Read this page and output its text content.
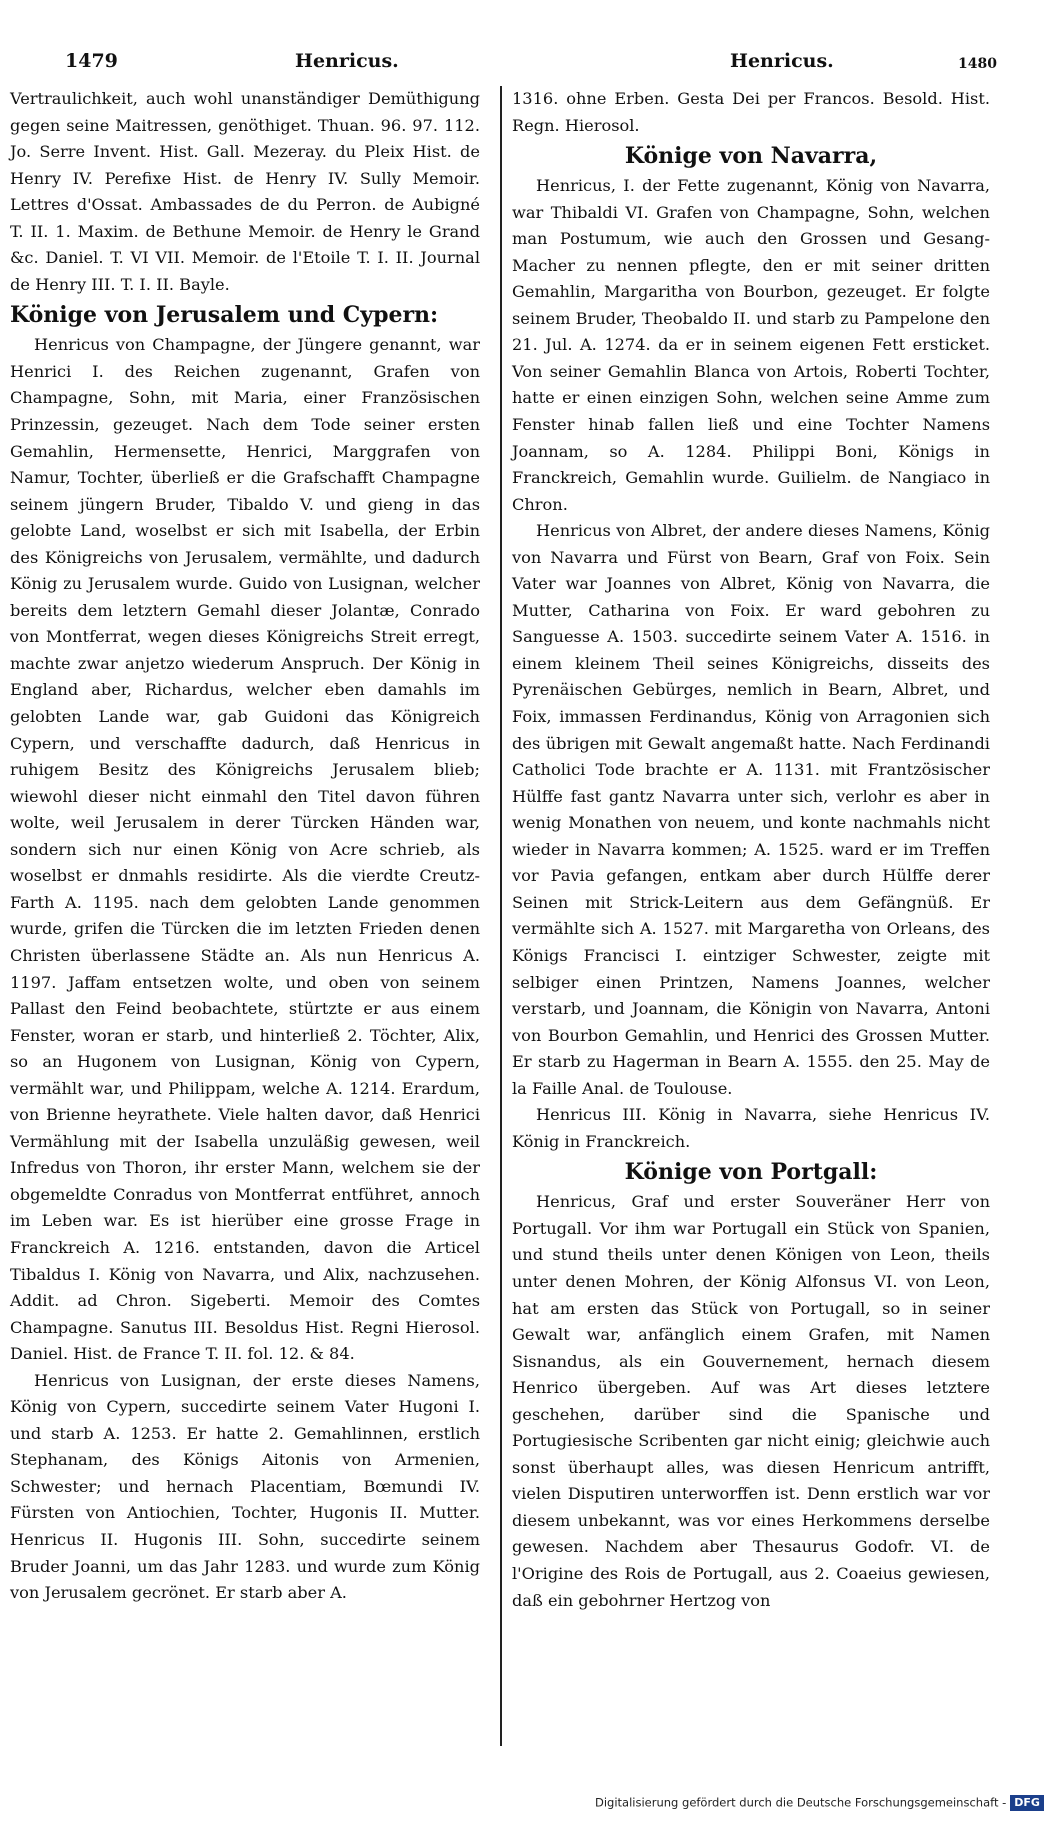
1479	Henricus.	Henricus.	1480

Vertraulichkeit, auch wohl unanständiger Demüthigung gegen seine Maitressen, genöthiget. Thuan. 96. 97. 112. Jo. Serre Invent. Hist. Gall. Mezeray. du Pleix Hist. de Henry IV. Perefixe Hist. de Henry IV. Sully Memoir. Lettres d'Ossat. Ambassades de du Perron. de Aubigné T. II. 1. Maxim. de Bethune Memoir. de Henry le Grand &c. Daniel. T. VI VII. Memoir. de l'Etoile T. I. II. Journal de Henry III. T. I. II. Bayle.

Könige von Jerusalem und Cypern:

Henricus von Champagne, der Jüngere genannt, war Henrici I. des Reichen zugenannt, Grafen von Champagne, Sohn, mit Maria, einer Französischen Prinzessin, gezeuget. Nach dem Tode seiner ersten Gemahlin, Hermensette, Henrici, Marggrafen von Namur, Tochter, überließ er die Grafschafft Champagne seinem jüngern Bruder, Tibaldo V. und gieng in das gelobte Land, woselbst er sich mit Isabella, der Erbin des Königreichs von Jerusalem, vermählte, und dadurch König zu Jerusalem wurde. Guido von Lusignan, welcher bereits dem letztern Gemahl dieser Jolantæ, Conrado von Montferrat, wegen dieses Königreichs Streit erregt, machte zwar anjetzo wiederum Anspruch. Der König in England aber, Richardus, welcher eben damahls im gelobten Lande war, gab Guidoni das Königreich Cypern, und verschaffte dadurch, daß Henricus in ruhigem Besitz des Königreichs Jerusalem blieb; wiewohl dieser nicht einmahl den Titel davon führen wolte, weil Jerusalem in derer Türcken Händen war, sondern sich nur einen König von Acre schrieb, als woselbst er dnmahls residirte. Als die vierdte Creutz-Farth A. 1195. nach dem gelobten Lande genommen wurde, grifen die Türcken die im letzten Frieden denen Christen überlassene Städte an. Als nun Henricus A. 1197. Jaffam entsetzen wolte, und oben von seinem Pallast den Feind beobachtete, stürtzte er aus einem Fenster, woran er starb, und hinterließ 2. Töchter, Alix, so an Hugonem von Lusignan, König von Cypern, vermählt war, und Philippam, welche A. 1214. Erardum, von Brienne heyrathete. Viele halten davor, daß Henrici Vermählung mit der Isabella unzuläßig gewesen, weil Infredus von Thoron, ihr erster Mann, welchem sie der obgemeldte Conradus von Montferrat entführet, annoch im Leben war. Es ist hierüber eine grosse Frage in Franckreich A. 1216. entstanden, davon die Articel Tibaldus I. König von Navarra, und Alix, nachzusehen. Addit. ad Chron. Sigeberti. Memoir des Comtes Champagne. Sanutus III. Besoldus Hist. Regni Hierosol. Daniel. Hist. de France T. II. fol. 12. & 84.

Henricus von Lusignan, der erste dieses Namens, König von Cypern, succedirte seinem Vater Hugoni I. und starb A. 1253. Er hatte 2. Gemahlinnen, erstlich Stephanam, des Königs Aitonis von Armenien, Schwester; und hernach Placentiam, Bœmundi IV. Fürsten von Antiochien, Tochter, Hugonis II. Mutter. Henricus II. Hugonis III. Sohn, succedirte seinem Bruder Joanni, um das Jahr 1283. und wurde zum König von Jerusalem gecrönet. Er starb aber A.

1316. ohne Erben. Gesta Dei per Francos. Besold. Hist. Regn. Hierosol.

Könige von Navarra,

Henricus, I. der Fette zugenannt, König von Navarra, war Thibaldi VI. Grafen von Champagne, Sohn, welchen man Postumum, wie auch den Grossen und Gesang-Macher zu nennen pflegte, den er mit seiner dritten Gemahlin, Margaritha von Bourbon, gezeuget. Er folgte seinem Bruder, Theobaldo II. und starb zu Pampelone den 21. Jul. A. 1274. da er in seinem eigenen Fett ersticket. Von seiner Gemahlin Blanca von Artois, Roberti Tochter, hatte er einen einzigen Sohn, welchen seine Amme zum Fenster hinab fallen ließ und eine Tochter Namens Joannam, so A. 1284. Philippi Boni, Königs in Franckreich, Gemahlin wurde. Guilielm. de Nangiaco in Chron.

Henricus von Albret, der andere dieses Namens, König von Navarra und Fürst von Bearn, Graf von Foix. Sein Vater war Joannes von Albret, König von Navarra, die Mutter, Catharina von Foix. Er ward gebohren zu Sanguesse A. 1503. succedirte seinem Vater A. 1516. in einem kleinem Theil seines Königreichs, disseits des Pyrenäischen Gebürges, nemlich in Bearn, Albret, und Foix, immassen Ferdinandus, König von Arragonien sich des übrigen mit Gewalt angemaßt hatte. Nach Ferdinandi Catholici Tode brachte er A. 1131. mit Frantzösischer Hülffe fast gantz Navarra unter sich, verlohr es aber in wenig Monathen von neuem, und konte nachmahls nicht wieder in Navarra kommen; A. 1525. ward er im Treffen vor Pavia gefangen, entkam aber durch Hülffe derer Seinen mit Strick-Leitern aus dem Gefängnüß. Er vermählte sich A. 1527. mit Margaretha von Orleans, des Königs Francisci I. eintziger Schwester, zeigte mit selbiger einen Printzen, Namens Joannes, welcher verstarb, und Joannam, die Königin von Navarra, Antoni von Bourbon Gemahlin, und Henrici des Grossen Mutter. Er starb zu Hagerman in Bearn A. 1555. den 25. May de la Faille Anal. de Toulouse.

Henricus III. König in Navarra, siehe Henricus IV. König in Franckreich.

Könige von Portgall:

Henricus, Graf und erster Souveräner Herr von Portugall. Vor ihm war Portugall ein Stück von Spanien, und stund theils unter denen Königen von Leon, theils unter denen Mohren, der König Alfonsus VI. von Leon, hat am ersten das Stück von Portugall, so in seiner Gewalt war, anfänglich einem Grafen, mit Namen Sisnandus, als ein Gouvernement, hernach diesem Henrico übergeben. Auf was Art dieses letztere geschehen, darüber sind die Spanische und Portugiesische Scribenten gar nicht einig; gleichwie auch sonst überhaupt alles, was diesen Henricum antrifft, vielen Disputiren unterworffen ist. Denn erstlich war vor diesem unbekannt, was vor eines Herkommens derselbe gewesen. Nachdem aber Thesaurus Godofr. VI. de l'Origine des Rois de Portugall, aus 2. Coaeius gewiesen, daß ein gebohrner Hertzog von

Digitalisierung gefördert durch die Deutsche Forschungsgemeinschaft - DFG
